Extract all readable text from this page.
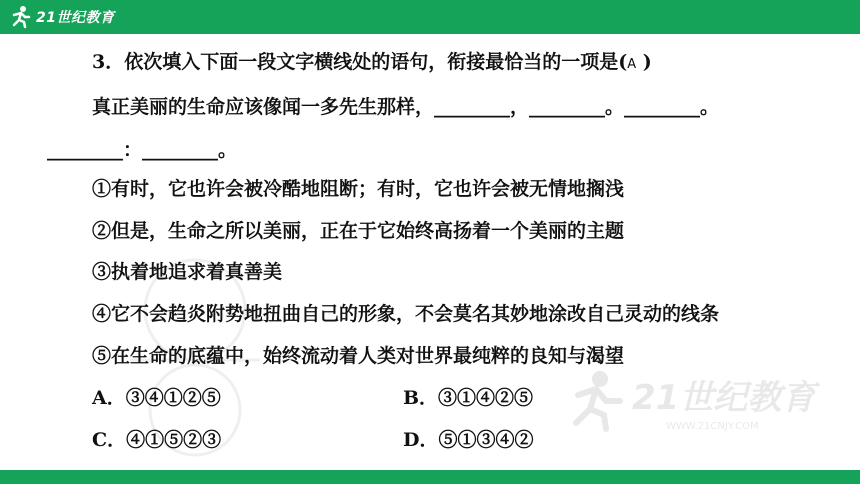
21世纪教育
21世纪教育
WWW.21CNJY.COM
3．依次填入下面一段文字横线处的语句，衔接最恰当的一项是(A )
真正美丽的生命应该像闻一多先生那样，________，________。________。
________：________。
①有时，它也许会被冷酷地阻断；有时，它也许会被无情地搁浅
②但是，生命之所以美丽，正在于它始终高扬着一个美丽的主题
③执着地追求着真善美
④它不会趋炎附势地扭曲自己的形象，不会莫名其妙地涂改自己灵动的线条
⑤在生命的底蕴中，始终流动着人类对世界最纯粹的良知与渴望
A．③④①②⑤	B．③①④②⑤
C．④①⑤②③	D．⑤①③④②
